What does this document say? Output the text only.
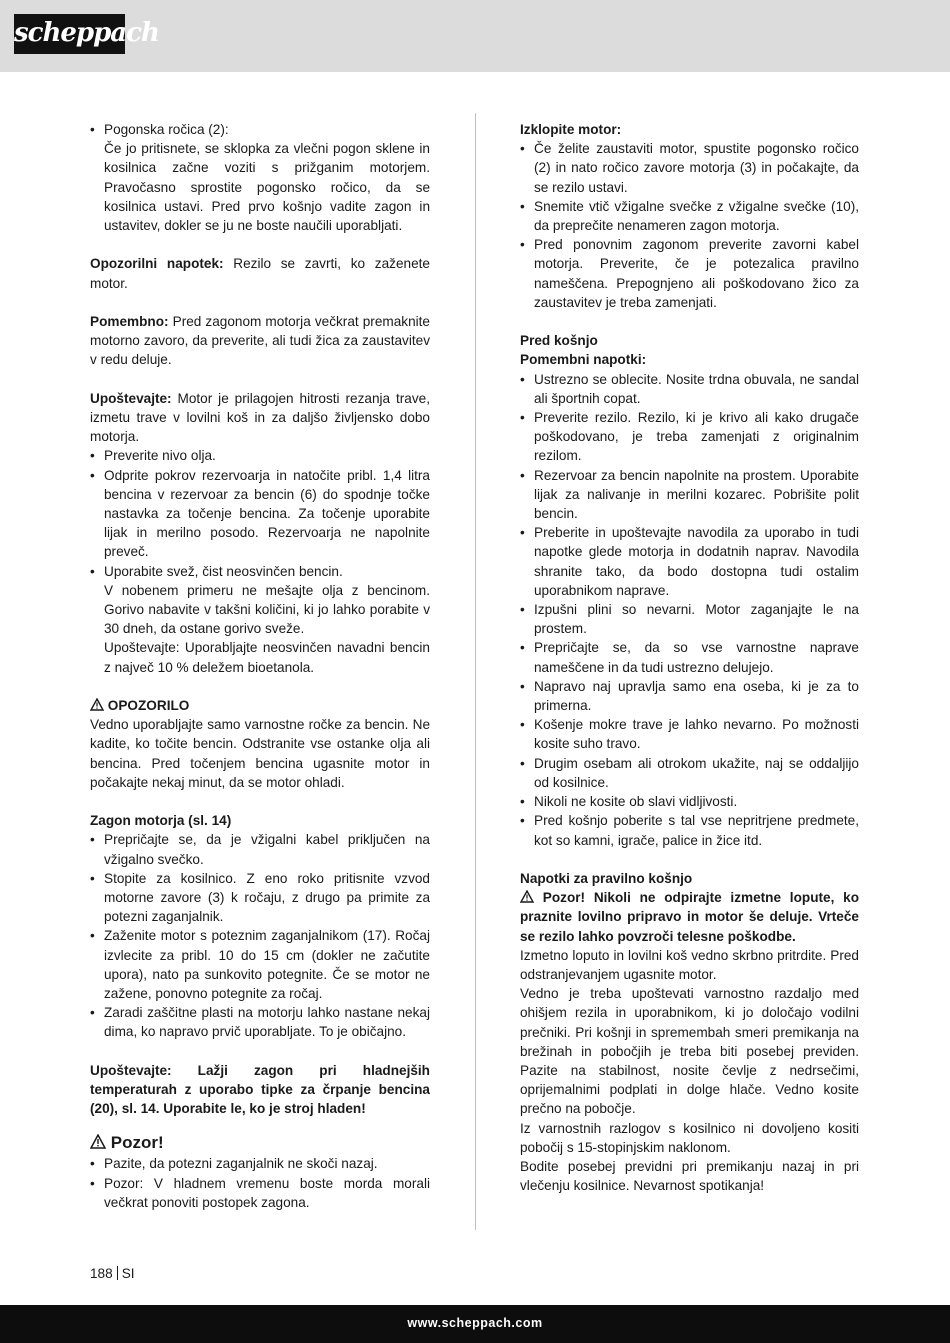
scheppach
• Pogonska ročica (2):
Če jo pritisnete, se sklopka za vlečni pogon sklene in kosilnica začne voziti s prižganim motorjem. Pravočasno sprostite pogonsko ročico, da se kosilnica ustavi. Pred prvo košnjo vadite zagon in ustavitev, dokler se ju ne boste naučili uporabljati.

Opozorilni napotek: Rezilo se zavrti, ko zaženete motor.

Pomembno: Pred zagonom motorja večkrat premaknite motorno zavoro, da preverite, ali tudi žica za zaustavitev v redu deluje.

Upoštevajte: Motor je prilagojen hitrosti rezanja trave, izmetu trave v lovilni koš in za daljšo življensko dobo motorja.

• Preverite nivo olja.
• Odprite pokrov rezervoarja in natočite pribl. 1,4 litra bencina v rezervoar za bencin (6) do spodnje točke nastavka za točenje bencina. Za točenje uporabite lijak in merilno posodo. Rezervoarja ne napolnite preveč.
• Uporabite svež, čist neosvinčen bencin.
V nobenem primeru ne mešajte olja z bencinom. Gorivo nabavite v takšni količini, ki jo lahko porabite v 30 dneh, da ostane gorivo sveže.
Upoštevajte: Uporabljajte neosvinčen navadni bencin z največ 10 % deležem bioetanola.
OPOZORILO

Vedno uporabljajte samo varnostne ročke za bencin. Ne kadite, ko točite bencin. Odstranite vse ostanke olja ali bencina. Pred točenjem bencina ugasnite motor in počakajte nekaj minut, da se motor ohladi.

Zagon motorja (sl. 14)
• Prepričajte se, da je vžigalni kabel priključen na vžigalno svečko.
• Stopite za kosilnico. Z eno roko pritisnite vzvod motorne zavore (3) k ročaju, z drugo pa primite za potezni zaganjalnik.
• Zaženite motor s poteznim zaganjalnikom (17). Ročaj izvlecite za pribl. 10 do 15 cm (dokler ne začutite upora), nato pa sunkovito potegnite. Če se motor ne zažene, ponovno potegnite za ročaj.
• Zaradi zaščitne plasti na motorju lahko nastane nekaj dima, ko napravo prvič uporabljate. To je običajno.

Upoštevajte: Lažji zagon pri hladnejših temperaturah z uporabo tipke za črpanje bencina (20), sl. 14. Uporabite le, ko je stroj hladen!

Pozor!
• Pazite, da potezni zaganjalnik ne skoči nazaj.
• Pozor: V hladnem vremenu boste morda morali večkrat ponoviti postopek zagona.
Izklopite motor:
• Če želite zaustaviti motor, spustite pogonsko ročico (2) in nato ročico zavore motorja (3) in počakajte, da se rezilo ustavi.
• Snemite vtič vžigalne svečke z vžigalne svečke (10), da preprečite nenameren zagon motorja.
• Pred ponovnim zagonom preverite zavorni kabel motorja. Preverite, če je potezalica pravilno nameščena. Prepognjeno ali poškodovano žico za zaustavitev je treba zamenjati.
Pred košnjo
Pomembni napotki:
• Ustrezno se oblecite. Nosite trdna obuvala, ne sandal ali športnih copat.
• Preverite rezilo. Rezilo, ki je krivo ali kako drugače poškodovano, je treba zamenjati z originalnim rezilom.
• Rezervoar za bencin napolnite na prostem. Uporabite lijak za nalivanje in merilni kozarec. Pobrišite polit bencin.
• Preberite in upoštevajte navodila za uporabo in tudi napotke glede motorja in dodatnih naprav. Navodila shranite tako, da bodo dostopna tudi ostalim uporabnikom naprave.
• Izpušni plini so nevarni. Motor zaganjajte le na prostem.
• Prepričajte se, da so vse varnostne naprave nameščene in da tudi ustrezno delujejo.
• Napravo naj upravlja samo ena oseba, ki je za to primerna.
• Košenje mokre trave je lahko nevarno. Po možnosti kosite suho travo.
• Drugim osebam ali otrokom ukažite, naj se oddaljijo od kosilnice.
• Nikoli ne kosite ob slavi vidljivosti.
• Pred košnjo poberite s tal vse nepritrjene predmete, kot so kamni, igrače, palice in žice itd.
Napotki za pravilno košnjo

Pozor! Nikoli ne odpirajte izmetne lopute, ko praznite lovilno pripravo in motor še deluje. Vrteče se rezilo lahko povzroči telesne poškodbe.

Izmetno loputo in lovilni koš vedno skrbno pritrdite. Pred odstranjevanjem ugasnite motor.

Vedno je treba upoštevati varnostno razdaljo med ohišjem rezila in uporabnikom, ki jo določajo vodilni prečniki. Pri košnji in spremembah smeri premikanja na brežinah in pobočjih je treba biti posebej previden. Pazite na stabilnost, nosite čevlje z nedrsečimi, oprijemalnimi podplati in dolge hlače. Vedno kosite prečno na pobočje.

Iz varnostnih razlogov s kosilnico ni dovoljeno kositi pobočij s 15-stopinjskim naklonom.

Bodite posebej previdni pri premikanju nazaj in pri vlečenju kosilnice. Nevarnost spotikanja!

188 SI
www.scheppach.com
